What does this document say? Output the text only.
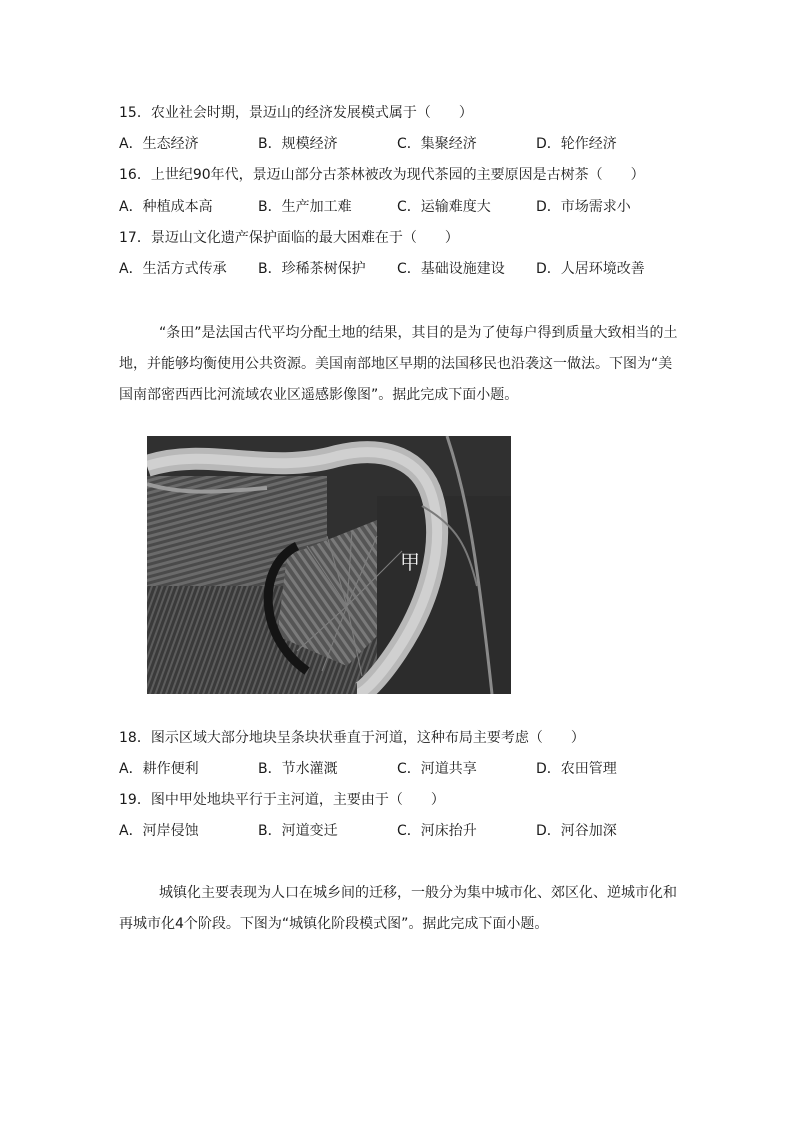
15．农业社会时期，景迈山的经济发展模式属于（　　）
A．生态经济	B．规模经济	C．集聚经济	D．轮作经济
16．上世纪90年代，景迈山部分古茶林被改为现代茶园的主要原因是古树茶（　　）
A．种植成本高	B．生产加工难	C．运输难度大	D．市场需求小
17．景迈山文化遗产保护面临的最大困难在于（　　）
A．生活方式传承 B．珍稀茶树保护 C．基础设施建设 D．人居环境改善
“条田”是法国古代平均分配土地的结果，其目的是为了使每户得到质量大致相当的土地，并能够均衡使用公共资源。美国南部地区早期的法国移民也沿袭这一做法。下图为“美国南部密西西比河流域农业区遥感影像图”。据此完成下面小题。
甲
18．图示区域大部分地块呈条块状垂直于河道，这种布局主要考虑（　　）
A．耕作便利	B．节水灌溉	C．河道共享	D．农田管理
19．图中甲处地块平行于主河道，主要由于（　　）
A．河岸侵蚀	B．河道变迁	C．河床抬升	D．河谷加深
城镇化主要表现为人口在城乡间的迁移，一般分为集中城市化、郊区化、逆城市化和再城市化4个阶段。下图为“城镇化阶段模式图”。据此完成下面小题。
